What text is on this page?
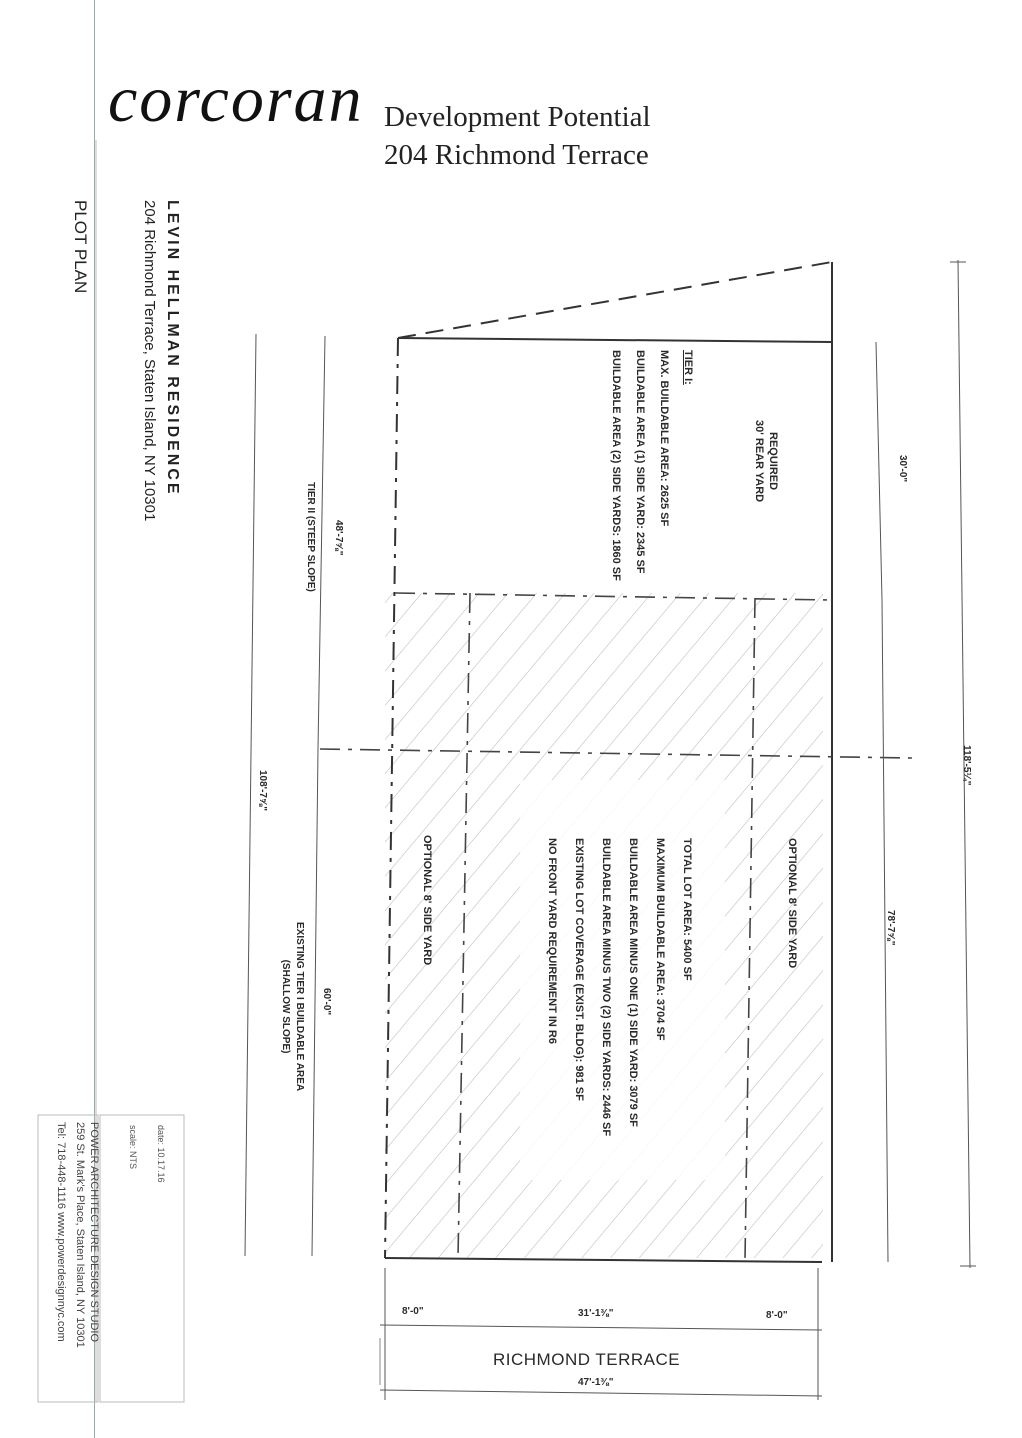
corcoran Development Potential
204 Richmond Terrace
LEVIN HELLMAN RESIDENCE
204 Richmond Terrace, Staten Island, NY 10301
PLOT PLAN
date: 10.17.16
scale: NTS
POWER ARCHITECTURE DESIGN STUDIO
259 St. Mark's Place, Staten Island, NY 10301
Tel: 718-448-1116 www.powerdesignnyc.com
REQUIRED
30' REAR YARD
TIER I:
MAX. BUILDABLE AREA: 2625 SF
BUILDABLE AREA (1) SIDE YARD: 2345 SF
BUILDABLE AREA (2) SIDE YARDS: 1860 SF
TOTAL LOT AREA: 5400 SF
MAXIMUM BUILDABLE AREA: 3704 SF
BUILDABLE AREA MINUS ONE (1) SIDE YARD: 3079 SF
BUILDABLE AREA MINUS TWO (2) SIDE YARDS: 2446 SF
EXISTING LOT COVERAGE (EXIST. BLDG): 981 SF
NO FRONT YARD REQUIREMENT IN R6	OPTIONAL 8' SIDE YARD
OPTIONAL 8' SIDE YARD
TIER II (STEEP SLOPE)
EXISTING TIER I BUILDABLE AREA
(SHALLOW SLOPE)
30'-0"
118'-5¼"
78'-7⅝"
48'-7⅝"
108'-7⅝"
60'-0"
8'-0"	31'-1⅜"	8'-0"
RICHMOND TERRACE
47'-1⅜"
